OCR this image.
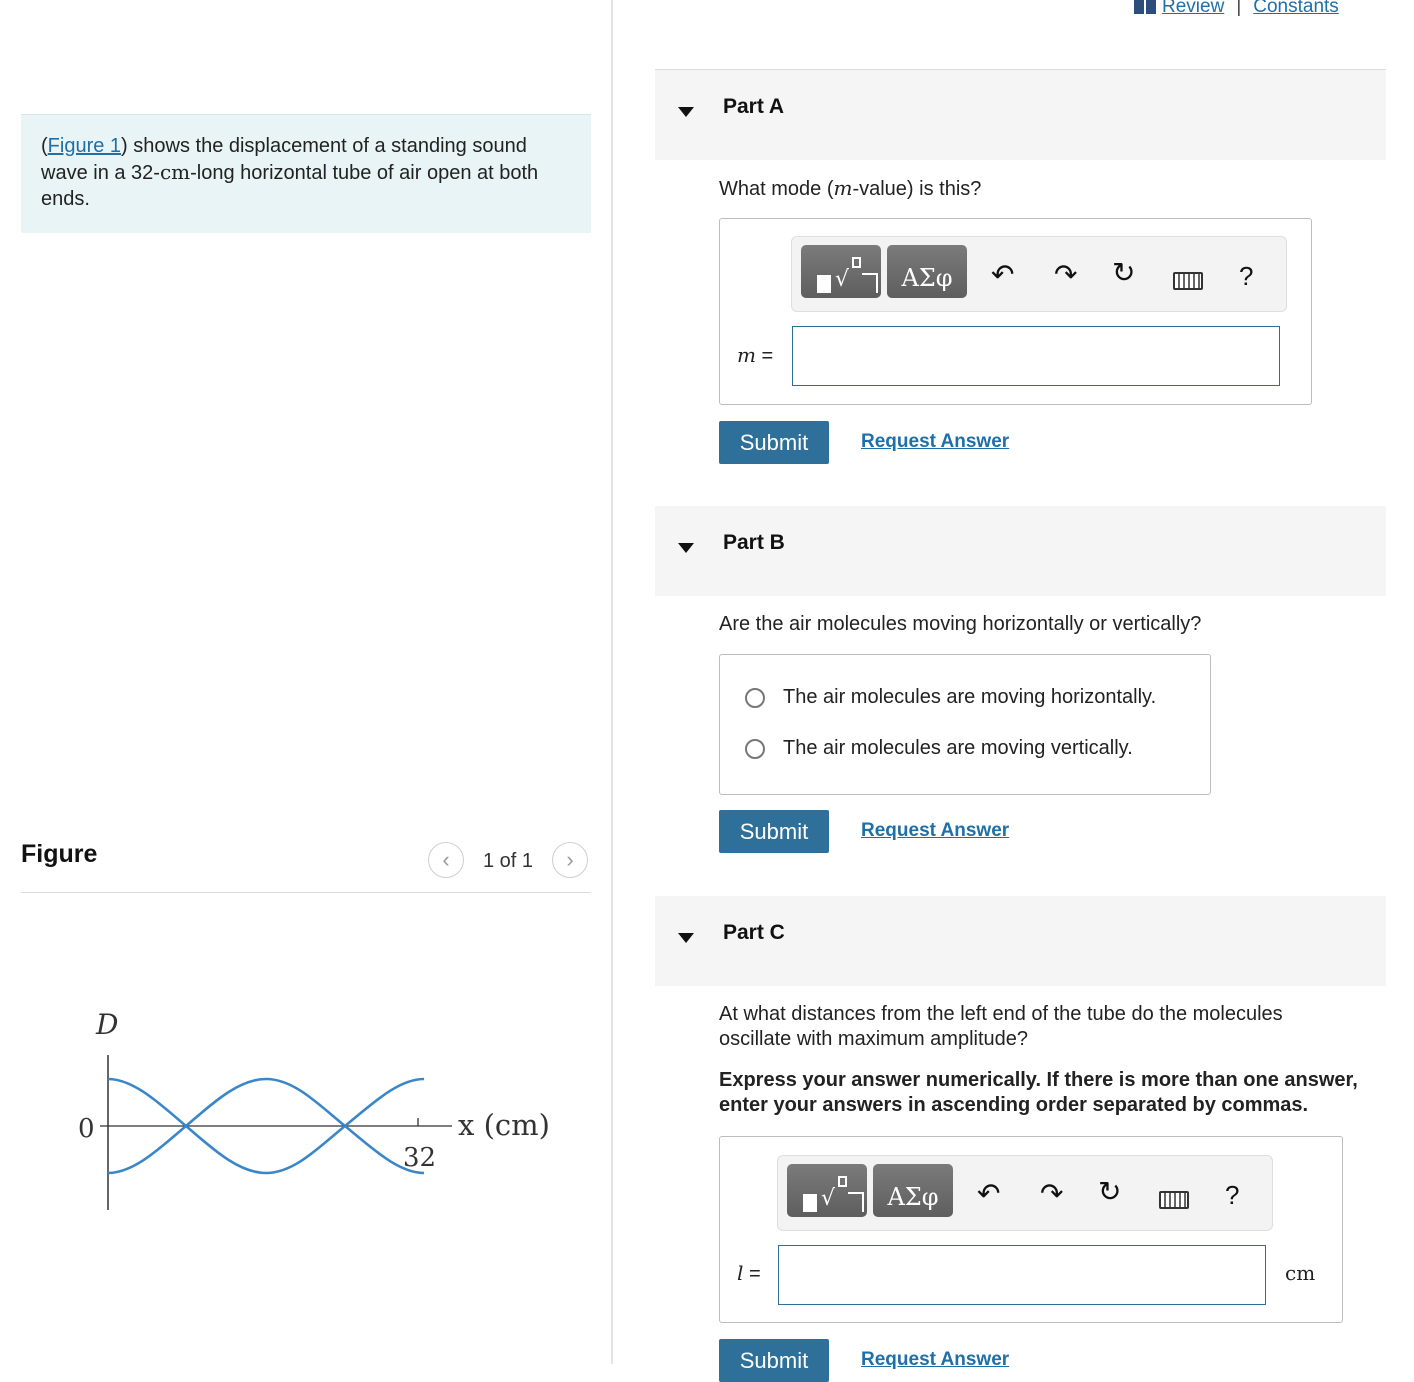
(Figure 1) shows the displacement of a standing sound wave in a 32-cm-long horizontal tube of air open at both ends.

Figure	‹	1 of 1	›
D
0
32
x (cm)
Review | Constants
Part A
What mode (m-value) is this?
√	ΑΣφ	↶ ↷ ↻	?
m =
Submit	Request Answer
Part B
Are the air molecules moving horizontally or vertically?
The air molecules are moving horizontally.
The air molecules are moving vertically.
Submit	Request Answer
Part C
At what distances from the left end of the tube do the molecules oscillate with maximum amplitude?
Express your answer numerically. If there is more than one answer, enter your answers in ascending order separated by commas.
√	ΑΣφ	↶ ↷ ↻	?
l =	cm
Submit	Request Answer
